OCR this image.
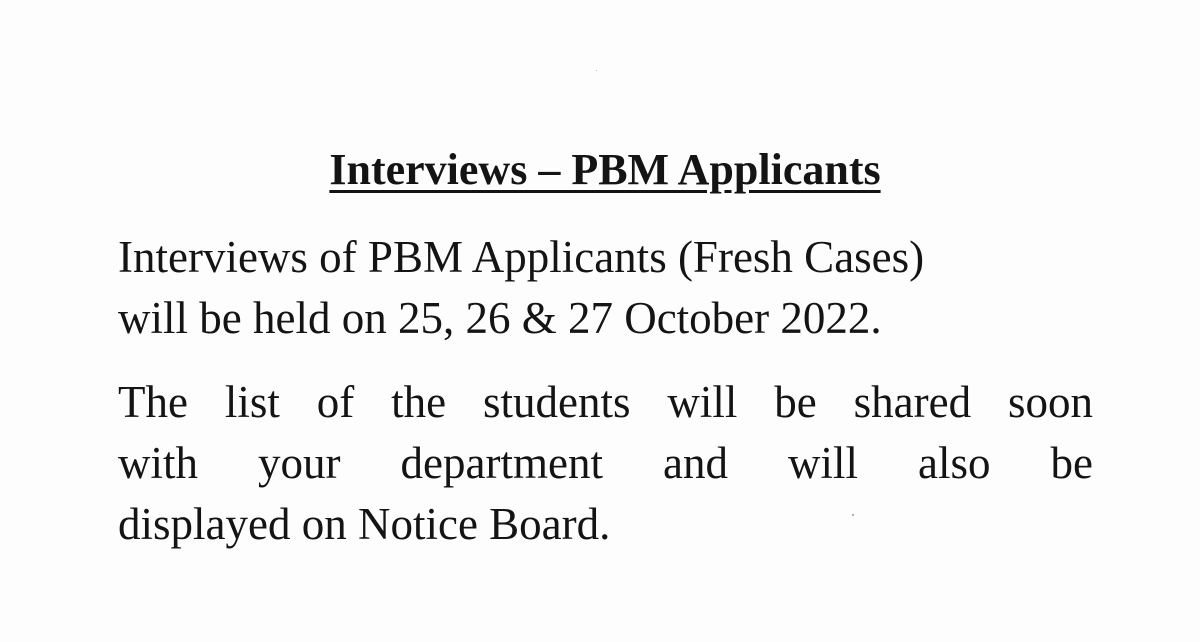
Interviews – PBM Applicants

Interviews of PBM Applicants (Fresh Cases)
will be held on 25, 26 & 27 October 2022.

The list of the students will be shared soon
with your department and will also be
displayed on Notice Board.
